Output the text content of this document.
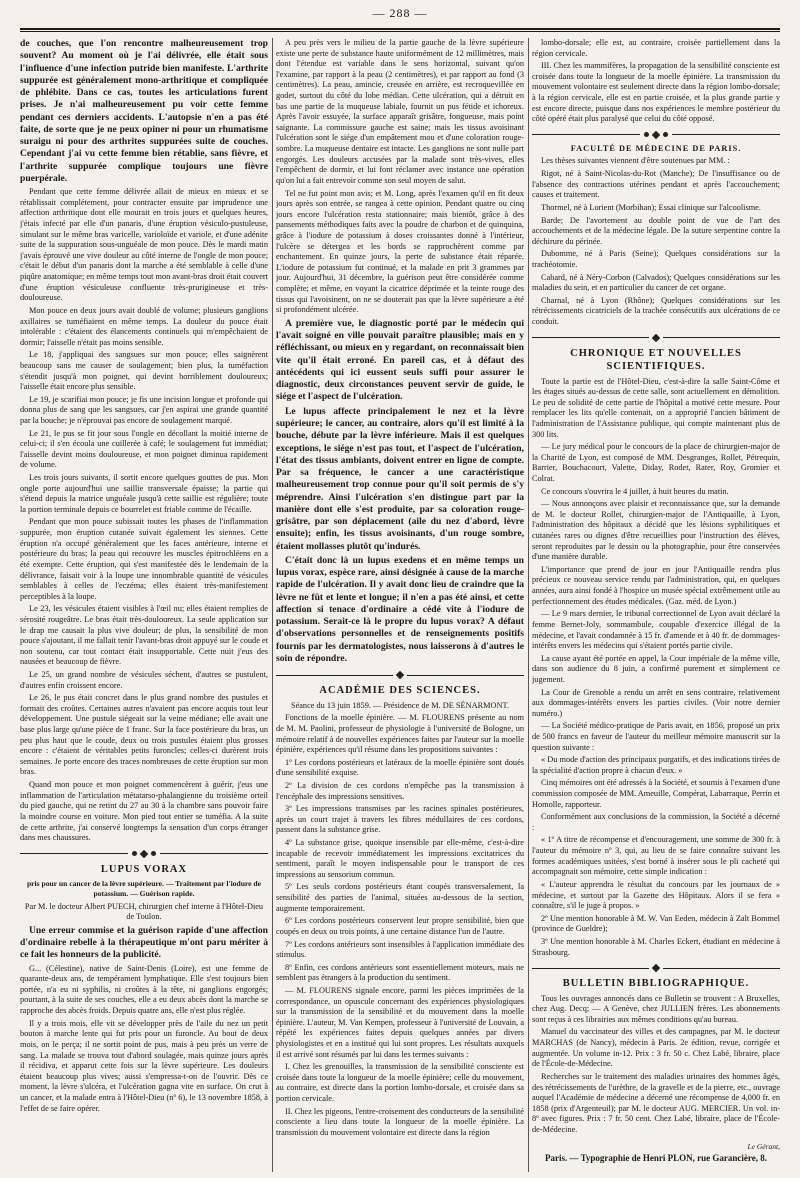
— 288 —

de couches, que l'on rencontre malheureusement trop souvent? Au moment où je l'ai délivrée, elle était sous l'influence d'une infection putride bien manifeste. L'arthrite suppurée est généralement mono-arthritique et compliquée de phlébite. Dans ce cas, toutes les articulations furent prises. Je n'ai malheureusement pu voir cette femme pendant ces derniers accidents. L'autopsie n'en a pas été faite, de sorte que je ne peux opiner ni pour un rhumatisme suraigu ni pour des arthrites suppurées suite de couches. Cependant j'ai vu cette femme bien rétablie, sans fièvre, et l'arthrite suppurée complique toujours une fièvre puerpérale.

Pendant que cette femme délivrée allait de mieux en mieux et se rétablissait complétement, pour contracter ensuite par imprudence une affection arthritique dont elle mourait en trois jours et quelques heures, j'étais infecté par elle d'un panaris, d'une éruption vésiculo-pustuleuse, simulant sur le même bras varicelle, varioloïde et variole, et d'une adénite suite de la suppuration sous-unguéale de mon pouce. Dès le mardi matin j'avais éprouvé une vive douleur au côté interne de l'ongle de mon pouce; c'était le début d'un panaris dont la marche a été semblable à celle d'une piqûre anatomique; en même temps tout mon avant-bras droit était couvert d'une éruption vésiculeuse confluente très-prurigineuse et très-douloureuse.

Mon pouce en deux jours avait doublé de volume; plusieurs ganglions axillaires se tuméfiaient en même temps. La douleur du pouce était intolérable : c'étaient des élancements continuels qui m'empêchaient de dormir; l'aisselle n'était pas moins sensible.

Le 18, j'appliquai des sangsues sur mon pouce; elles saignèrent beaucoup sans me causer de soulagement; bien plus, la tuméfaction s'étendit jusqu'à mon poignet, qui devint horriblement douloureux; l'aisselle était encore plus sensible.

Le 19, je scarifiai mon pouce; je fis une incision longue et profonde qui donna plus de sang que les sangsues, car j'en aspirai une grande quantité par la bouche; je n'éprouvai pas encore de soulagement marqué.

Le 21, le pus se fit jour sous l'ongle en décollant la moitié interne de celui-ci; il s'en écoula une cuillerée à café; le soulagement fut immédiat; l'aisselle devint moins douloureuse, et mon poignet diminua rapidement de volume.

Les trois jours suivants, il sortit encore quelques gouttes de pus. Mon ongle porte aujourd'hui une saillie transversale épaisse; la partie qui s'étend depuis la matrice unguéale jusqu'à cette saillie est régulière; toute la portion terminale depuis ce bourrelet est friable comme de l'écaille.

Pendant que mon pouce subissait toutes les phases de l'inflammation suppurée, mon éruption cutanée suivait également les siennes. Cette éruption n'a occupé généralement que les faces antérieure, interne et postérieure du bras; la peau qui recouvre les muscles épitrochléens en a été exempte. Cette éruption, qui s'est manifestée dès le lendemain de la délivrance, faisait voir à la loupe une innombrable quantité de vésicules semblables à celles de l'eczéma; elles étaient très-manifestement perceptibles à la loupe.

Le 23, les vésicules étaient visibles à l'œil nu; elles étaient remplies de sérosité rougeâtre. Le bras était très-douloureux. La seule application sur le drap me causait la plus vive douleur; de plus, la sensibilité de mon pouce s'ajoutant, il me fallait tenir l'avant-bras droit appuyé sur le coude et non soutenu, car tout contact était insupportable. Cette nuit j'eus des nausées et beaucoup de fièvre.

Le 25, un grand nombre de vésicules séchent, d'autres se pustulent, d'autres enfin croissent encore.

Le 26, le pus était concret dans le plus grand nombre des pustules et formait des croûtes. Certaines autres n'avaient pas encore acquis tout leur développement. Une pustule siégeait sur la veine médiane; elle avait une base plus large qu'une pièce de 1 franc. Sur la face postérieure du bras, un peu plus haut que le coude, deux ou trois pustules étaient plus grosses encore : c'étaient de véritables petits furoncles; celles-ci durèrent trois semaines. Je porte encore des traces nombreuses de cette éruption sur mon bras.

Quand mon pouce et mon poignet commencèrent à guérir, j'eus une inflammation de l'articulation métatarso-phalangienne du troisième orteil du pied gauche, qui ne retint du 27 au 30 à la chambre sans pouvoir faire la moindre course en voiture. Mon pied tout entier se tuméfia. A la suite de cette arthrite, j'ai conservé longtemps la sensation d'un corps étranger dans mes chaussures.

LUPUS VORAX
pris pour un cancer de la lèvre supérieure. — Traitement par l'iodure de potassium. — Guérison rapide.

Par M. le docteur Albert PUECH, chirurgien chef interne à l'Hôtel-Dieu de Toulon.

Une erreur commise et la guérison rapide d'une affection d'ordinaire rebelle à la thérapeutique m'ont paru mériter à ce fait les honneurs de la publicité.

G... (Célestine), native de Saint-Denis (Loire), est une femme de quarante-deux ans, de tempérament lymphatique. Elle s'est toujours bien portée, n'a eu ni syphilis, ni croûtes à la tête, ni ganglions engorgés; pourtant, à la suite de ses couches, elle a eu deux abcès dont la marche se rapproche des abcès froids. Depuis quatre ans, elle n'est plus réglée.

Il y a trois mois, elle vit se développer près de l'aile du nez un petit bouton à marche lente qui fut pris pour un furoncle. Au bout de deux mois, on le perça; il ne sortit point de pus, mais à peu près un verre de sang. La malade se trouva tout d'abord soulagée, mais quinze jours après il récidiva, et apparut cette fois sur la lèvre supérieure. Les douleurs étaient beaucoup plus vives; aussi s'empressa-t-on de l'ouvrir. Dès ce moment, la lèvre s'ulcéra, et l'ulcération gagna vite en surface. On crut à un cancer, et la malade entra à l'Hôtel-Dieu (nº 6), le 13 novembre 1858, à l'effet de se faire opérer.

A peu près vers le milieu de la partie gauche de la lèvre supérieure existe une perte de substance haute uniformément de 12 millimètres, mais dont l'étendue est variable dans le sens horizontal, suivant qu'on l'examine, par rapport à la peau (2 centimètres), et par rapport au fond (3 centimètres). La peau, amincie, creusée en arrière, est recroquevillée en godet, surtout du côté du lobe médian. Cette ulcération, qui a détruit en bas une partie de la muqueuse labiale, fournit un pus fétide et ichoreux. Après l'avoir essuyée, la surface apparaît grisâtre, fongueuse, mais point saignante. La commissure gauche est saine; mais les tissus avoisinant l'ulcération sont le siége d'un empâtement mou et d'une coloration rouge-sombre. La muqueuse dentaire est intacte. Les ganglions ne sont nulle part engorgés. Les douleurs accusées par la malade sont très-vives, elles l'empêchent de dormir, et lui font réclamer avec instance une opération qu'on lui a fait entrevoir comme son seul moyen de salut.

Tel ne fut point mon avis; et M. Long, après l'examen qu'il en fit deux jours après son entrée, se rangea à cette opinion. Pendant quatre ou cinq jours encore l'ulcération resta stationnaire; mais bientôt, grâce à des pansements méthodiques faits avec la poudre de charbon et de quinquina, grâce à l'iodure de potassium à doses croissantes donné à l'intérieur, l'ulcère se détergea et les bords se rapprochèrent comme par enchantement. En quinze jours, la perte de substance était réparée. L'iodure de potassium fut continué, et la malade en prit 3 grammes par jour. Aujourd'hui, 31 décembre, la guérison peut être considérée comme complète; et même, en voyant la cicatrice déprimée et la teinte rouge des tissus qui l'avoisinent, on ne se douterait pas que la lèvre supérieure a été si profondément ulcérée.

A première vue, le diagnostic porté par le médecin qui l'avait soigné en ville pouvait paraître plausible; mais en y réfléchissant, ou mieux en y regardant, on reconnaissait bien vite qu'il était erroné. En pareil cas, et à défaut des antécédents qui ici eussent seuls suffi pour assurer le diagnostic, deux circonstances peuvent servir de guide, le siége et l'aspect de l'ulcération.

Le lupus affecte principalement le nez et la lèvre supérieure; le cancer, au contraire, alors qu'il est limité à la bouche, débute par la lèvre inférieure. Mais il est quelques exceptions, le siége n'est pas tout, et l'aspect de l'ulcération, l'état des tissus ambiants, doivent entrer en ligne de compte. Par sa fréquence, le cancer a une caractéristique malheureusement trop connue pour qu'il soit permis de s'y méprendre. Ainsi l'ulcération s'en distingue part par la manière dont elle s'est produite, par sa coloration rouge-grisâtre, par son déplacement (aile du nez d'abord, lèvre ensuite); enfin, les tissus avoisinants, d'un rouge sombre, étaient mollasses plutôt qu'indurés.

C'était donc là un lupus exedens et en même temps un lupus vorax, espèce rare, ainsi désignée à cause de la marche rapide de l'ulcération. Il y avait donc lieu de craindre que la lèvre ne fût et lente et longue; il n'en a pas été ainsi, et cette affection si tenace d'ordinaire a cédé vite à l'iodure de potassium. Serait-ce là le propre du lupus vorax? A défaut d'observations personnelles et de renseignements positifs fournis par les dermatologistes, nous laisserons à d'autres le soin de répondre.

ACADÉMIE DES SCIENCES.

Séance du 13 juin 1859. — Présidence de M. DE SÉNARMONT.

Fonctions de la moelle épinière. — M. FLOURENS présente au nom de M. M. Paolini, professeur de physiologie à l'université de Bologne, un mémoire relatif à de nouvelles expériences faites par l'auteur sur la moelle épinière, expériences qu'il résume dans les propositions suivantes :

1º Les cordons postérieurs et latéraux de la moelle épinière sont doués d'une sensibilité exquise.

2º La division de ces cordons n'empêche pas la transmission à l'encéphale des impressions sensitives.

3º Les impressions transmises par les racines spinales postérieures, après un court trajet à travers les fibres médullaires de ces cordons, passent dans la substance grise.

4º La substance grise, quoique insensible par elle-même, c'est-à-dire incapable de recevoir immédiatement les impressions excitatrices du sentiment, paraît le moyen indispensable pour le transport de ces impressions au sensorium commun.

5º Les seuls cordons postérieurs étant coupés transversalement, la sensibilité des parties de l'animal, situées au-dessous de la section, augmente temporairement.

6º Les cordons postérieurs conservent leur propre sensibilité, bien que coupés en deux ou trois points, à une certaine distance l'un de l'autre.

7º Les cordons antérieurs sont insensibles à l'application immédiate des stimulus.

8º Enfin, ces cordons antérieurs sont essentiellement moteurs, mais ne semblent pas étrangers à la production du sentiment.

— M. FLOURENS signale encore, parmi les pièces imprimées de la correspondance, un opuscule concernant des expériences physiologiques sur la transmission de la sensibilité et du mouvement dans la moelle épinière. L'auteur, M. Van Kempen, professeur à l'université de Louvain, a répété les expériences faites depuis quelques années par divers physiologistes et en a institué qui lui sont propres. Les résultats auxquels il est arrivé sont résumés par lui dans les termes suivants :

I. Chez les grenouilles, la transmission de la sensibilité consciente est croisée dans toute la longueur de la moelle épinière; celle du mouvement, au contraire, est directe dans la portion lombo-dorsale, et croisée dans sa portion cervicale.

II. Chez les pigeons, l'entre-croisement des conducteurs de la sensibilité consciente a lieu dans toute la longueur de la moelle épinière. La transmission du mouvement volontaire est directe dans la région

lombo-dorsale; elle est, au contraire, croisée partiellement dans la région cervicale.

III. Chez les mammifères, la propagation de la sensibilité consciente est croisée dans toute la longueur de la moelle épinière. La transmission du mouvement volontaire est seulement directe dans la région lombo-dorsale; à la région cervicale, elle est en partie croisée, et la plus grande partie y est encore directe, puisque dans nos expériences le membre postérieur du côté opéré était plus paralysé que celui du côté opposé.

FACULTÉ DE MÉDECINE DE PARIS.

Les thèses suivantes viennent d'être soutenues par MM. :

Rigot, né à Saint-Nicolas-du-Rot (Manche); De l'insuffisance ou de l'absence des contractions utérines pendant et après l'accouchement; causes et traitement.

Thormel, né à Lorient (Morbihan); Essai clinique sur l'alcoolisme.

Barde; De l'avortement au double point de vue de l'art des accouchements et de la médecine légale. De la suture serpentine contre la déchirure du périnée.

Dubomme, né à Paris (Seine); Quelques considérations sur la trachéotomie.

Cabard, né à Néry-Corbon (Calvados); Quelques considérations sur les maladies du sein, et en particulier du cancer de cet organe.

Charnal, né à Lyon (Rhône); Quelques considérations sur les rétrécissements cicatriciels de la trachée consécutifs aux ulcérations de ce conduit.

CHRONIQUE ET NOUVELLES SCIENTIFIQUES.

Toute la partie est de l'Hôtel-Dieu, c'est-à-dire la salle Saint-Côme et les étages situés au-dessus de cette salle, sont actuellement en démolition. Le peu de solidité de cette partie de l'hôpital a motivé cette mesure. Pour remplacer les lits qu'elle contenait, on a approprié l'ancien bâtiment de l'administration de l'Assistance publique, qui compte maintenant plus de 300 lits.

— Le jury médical pour le concours de la place de chirurgien-major de la Charité de Lyon, est composé de MM. Desgranges, Rollet, Pétrequin, Barrier, Bouchacourt, Valette, Diday, Rodet, Rater, Roy, Gromier et Colrat.

Ce concours s'ouvrira le 4 juillet, à huit heures du matin.

— Nous annonçons avec plaisir et reconnaissance que, sur la demande de M. le docteur Rollet, chirurgien-major de l'Antiquaille, à Lyon, l'administration des hôpitaux a décidé que les lésions syphilitiques et cutanées rares ou dignes d'être recueillies pour l'instruction des élèves, seront reproduites par le dessin ou la photographie, pour être conservées d'une manière durable.

L'importance que prend de jour en jour l'Antiquaille rendra plus précieux ce nouveau service rendu par l'administration, qui, en quelques années, aura ainsi fondé à l'hospice un musée spécial extrêmement utile au perfectionnement des études médicales. (Gaz. méd. de Lyon.)

— Le 9 mars dernier, le tribunal correctionnel de Lyon avait déclaré la femme Bernet-Joly, sommambule, coupable d'exercice illégal de la médecine, et l'avait condamnée à 15 fr. d'amende et à 40 fr. de dommages-intérêts envers les médecins qui s'étaient portés partie civile.

La cause ayant été portée en appel, la Cour impériale de la même ville, dans son audience du 8 juin, a confirmé purement et simplement ce jugement.

La Cour de Grenoble a rendu un arrêt en sens contraire, relativement aux dommages-intérêts envers les parties civiles. (Voir notre dernier numéro.)

— La Société médico-pratique de Paris avait, en 1856, proposé un prix de 500 francs en faveur de l'auteur du meilleur mémoire manuscrit sur la question suivante :

« Du mode d'action des principaux purgatifs, et des indications tirées de la spécialité d'action propre à chacun d'eux. »

Cinq mémoires ont été adressés à la Société, et soumis à l'examen d'une commission composée de MM. Ameuille, Compérat, Labarraque, Perrin et Homolle, rapporteur.

Conformément aux conclusions de la commission, la Société a décerné :

« 1º A titre de récompense et d'encouragement, une somme de 300 fr. à l'auteur du mémoire nº 3, qui, au lieu de se faire connaître suivant les formes académiques usitées, s'est borné à insérer sous le pli cacheté qui accompagnait son mémoire, cette simple indication :

« L'auteur apprendra le résultat du concours par les journaux de » médecine, et surtout par la Gazette des Hôpitaux. Alors il se fera » connaître, s'il le juge à propos. »

2º Une mention honorable à M. W. Van Eeden, médecin à Zalt Bommel (province de Gueldre);

3º Une mention honorable à M. Charles Eckert, étudiant en médecine à Strasbourg.

BULLETIN BIBLIOGRAPHIQUE.

Tous les ouvrages annoncés dans ce Bulletin se trouvent : A Bruxelles, chez Aug. Decq; — A Genève, chez JULLIEN frères. Les abonnements sont reçus à ces librairies aux mêmes conditions qu'au bureau.

Manuel du vaccinateur des villes et des campagnes, par M. le docteur MARCHAS (de Nancy), médecin à Paris. 2e édition, revue, corrigée et augmentée. Un volume in-12. Prix : 3 fr. 50 c. Chez Labé, libraire, place de l'École-de-Médecine.

Recherches sur le traitement des maladies urinaires des hommes âgés, des rétrécissements de l'urèthre, de la gravelle et de la pierre, etc., ouvrage auquel l'Académie de médecine a décerné une récompense de 4,000 fr. en 1858 (prix d'Argenteuil); par M. le docteur AUG. MERCIER. Un vol. in-8º avec figures. Prix : 7 fr. 50 cent. Chez Labé, libraire, place de l'École-de-Médecine.

Le Gérant,
Paris. — Typographie de Henri PLON, rue Garancière, 8.
